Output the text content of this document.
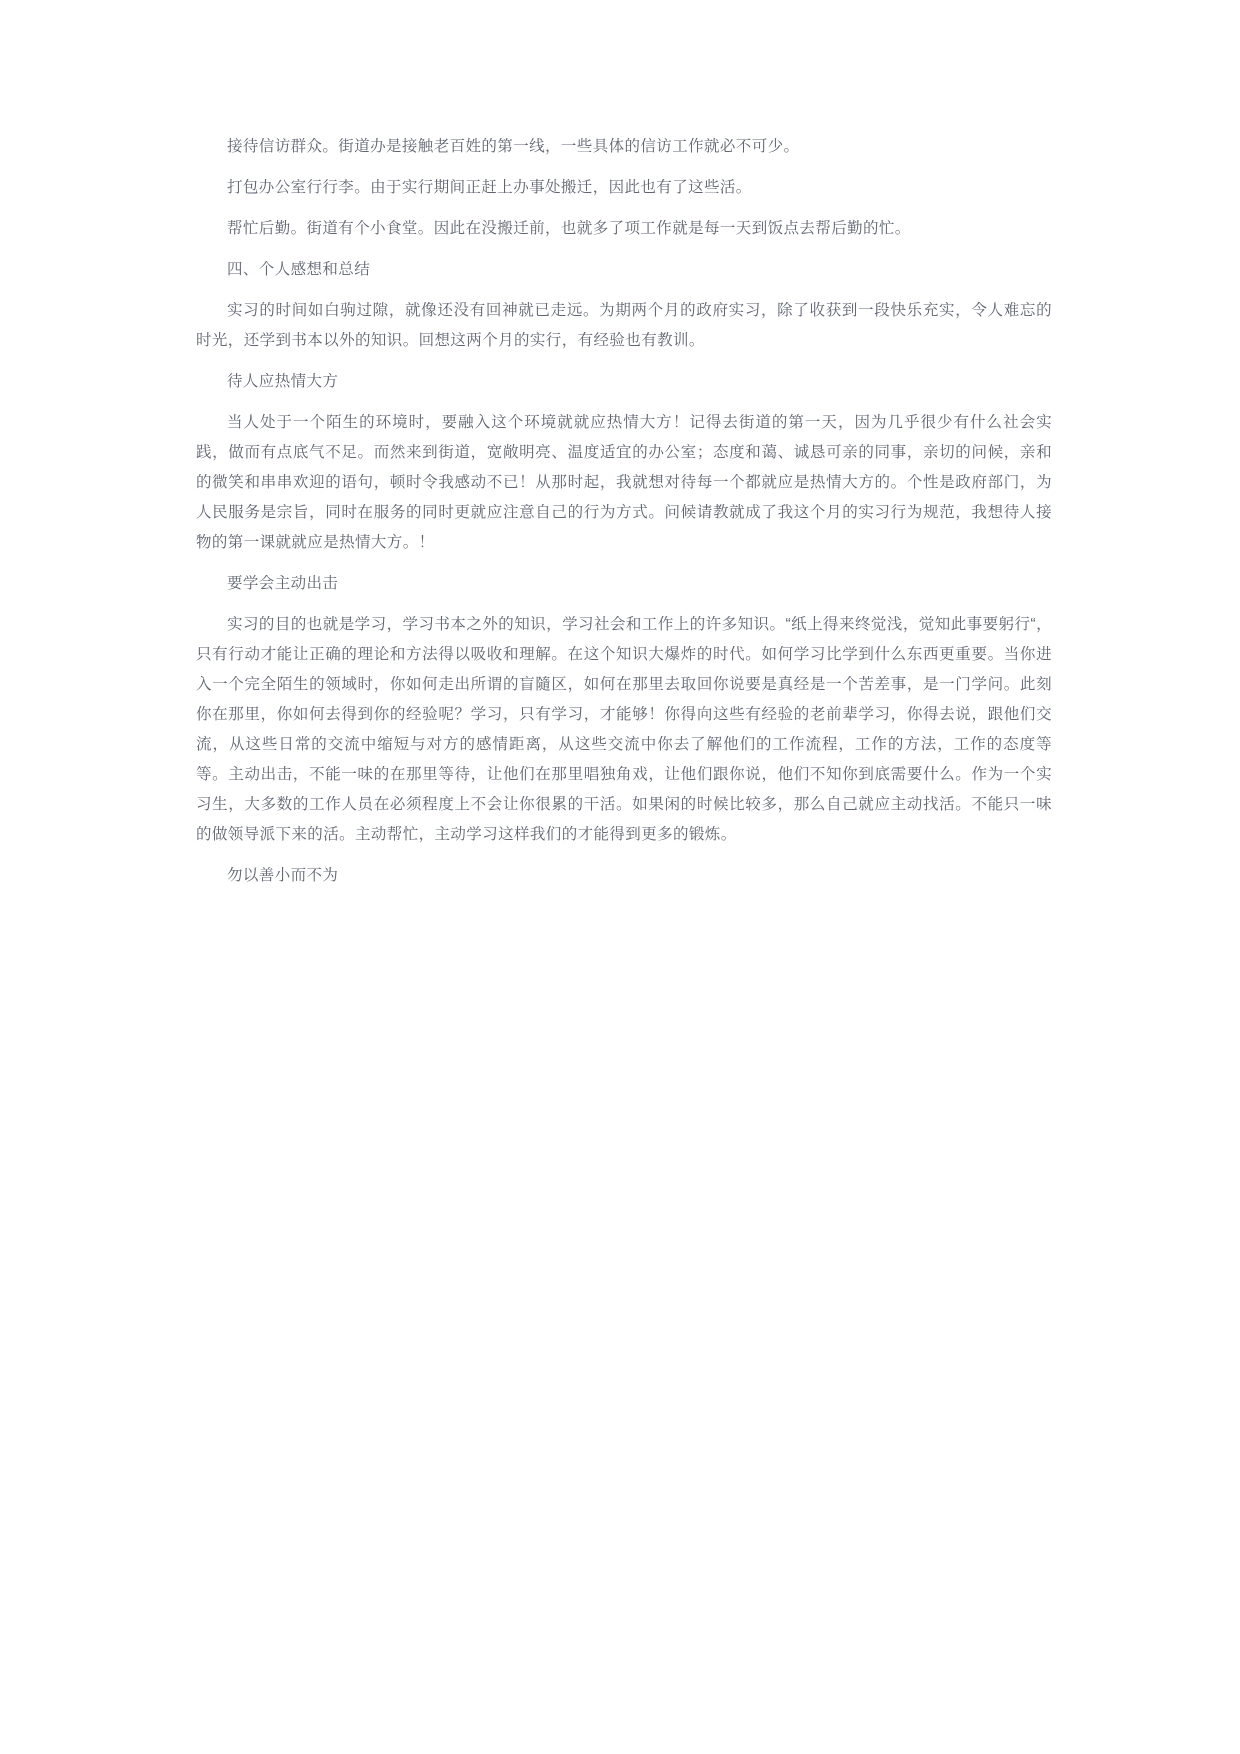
接待信访群众。街道办是接触老百姓的第一线，一些具体的信访工作就必不可少。

打包办公室行行李。由于实行期间正赶上办事处搬迁，因此也有了这些活。

帮忙后勤。街道有个小食堂。因此在没搬迁前，也就多了项工作就是每一天到饭点去帮后勤的忙。

四、个人感想和总结

实习的时间如白驹过隙，就像还没有回神就已走远。为期两个月的政府实习，除了收获到一段快乐充实，令人难忘的时光，还学到书本以外的知识。回想这两个月的实行，有经验也有教训。

待人应热情大方

当人处于一个陌生的环境时，要融入这个环境就就应热情大方！记得去街道的第一天，因为几乎很少有什么社会实践，做而有点底气不足。而然来到街道，宽敞明亮、温度适宜的办公室；态度和蔼、诚恳可亲的同事，亲切的问候，亲和的微笑和串串欢迎的语句，顿时令我感动不已！从那时起，我就想对待每一个都就应是热情大方的。个性是政府部门，为人民服务是宗旨，同时在服务的同时更就应注意自己的行为方式。问候请教就成了我这个月的实习行为规范，我想待人接物的第一课就就应是热情大方。！

要学会主动出击

实习的目的也就是学习，学习书本之外的知识，学习社会和工作上的许多知识。“纸上得来终觉浅，觉知此事要躬行“，只有行动才能让正确的理论和方法得以吸收和理解。在这个知识大爆炸的时代。如何学习比学到什么东西更重要。当你进入一个完全陌生的领域时，你如何走出所谓的盲隨区，如何在那里去取回你说要是真经是一个苦差事，是一门学问。此刻你在那里，你如何去得到你的经验呢？学习，只有学习，才能够！你得向这些有经验的老前辈学习，你得去说，跟他们交流，从这些日常的交流中缩短与对方的感情距离，从这些交流中你去了解他们的工作流程，工作的方法，工作的态度等等。主动出击，不能一味的在那里等待，让他们在那里唱独角戏，让他们跟你说，他们不知你到底需要什么。作为一个实习生，大多数的工作人员在必须程度上不会让你很累的干活。如果闲的时候比较多，那么自己就应主动找活。不能只一味的做领导派下来的活。主动帮忙，主动学习这样我们的才能得到更多的锻炼。

勿以善小而不为
